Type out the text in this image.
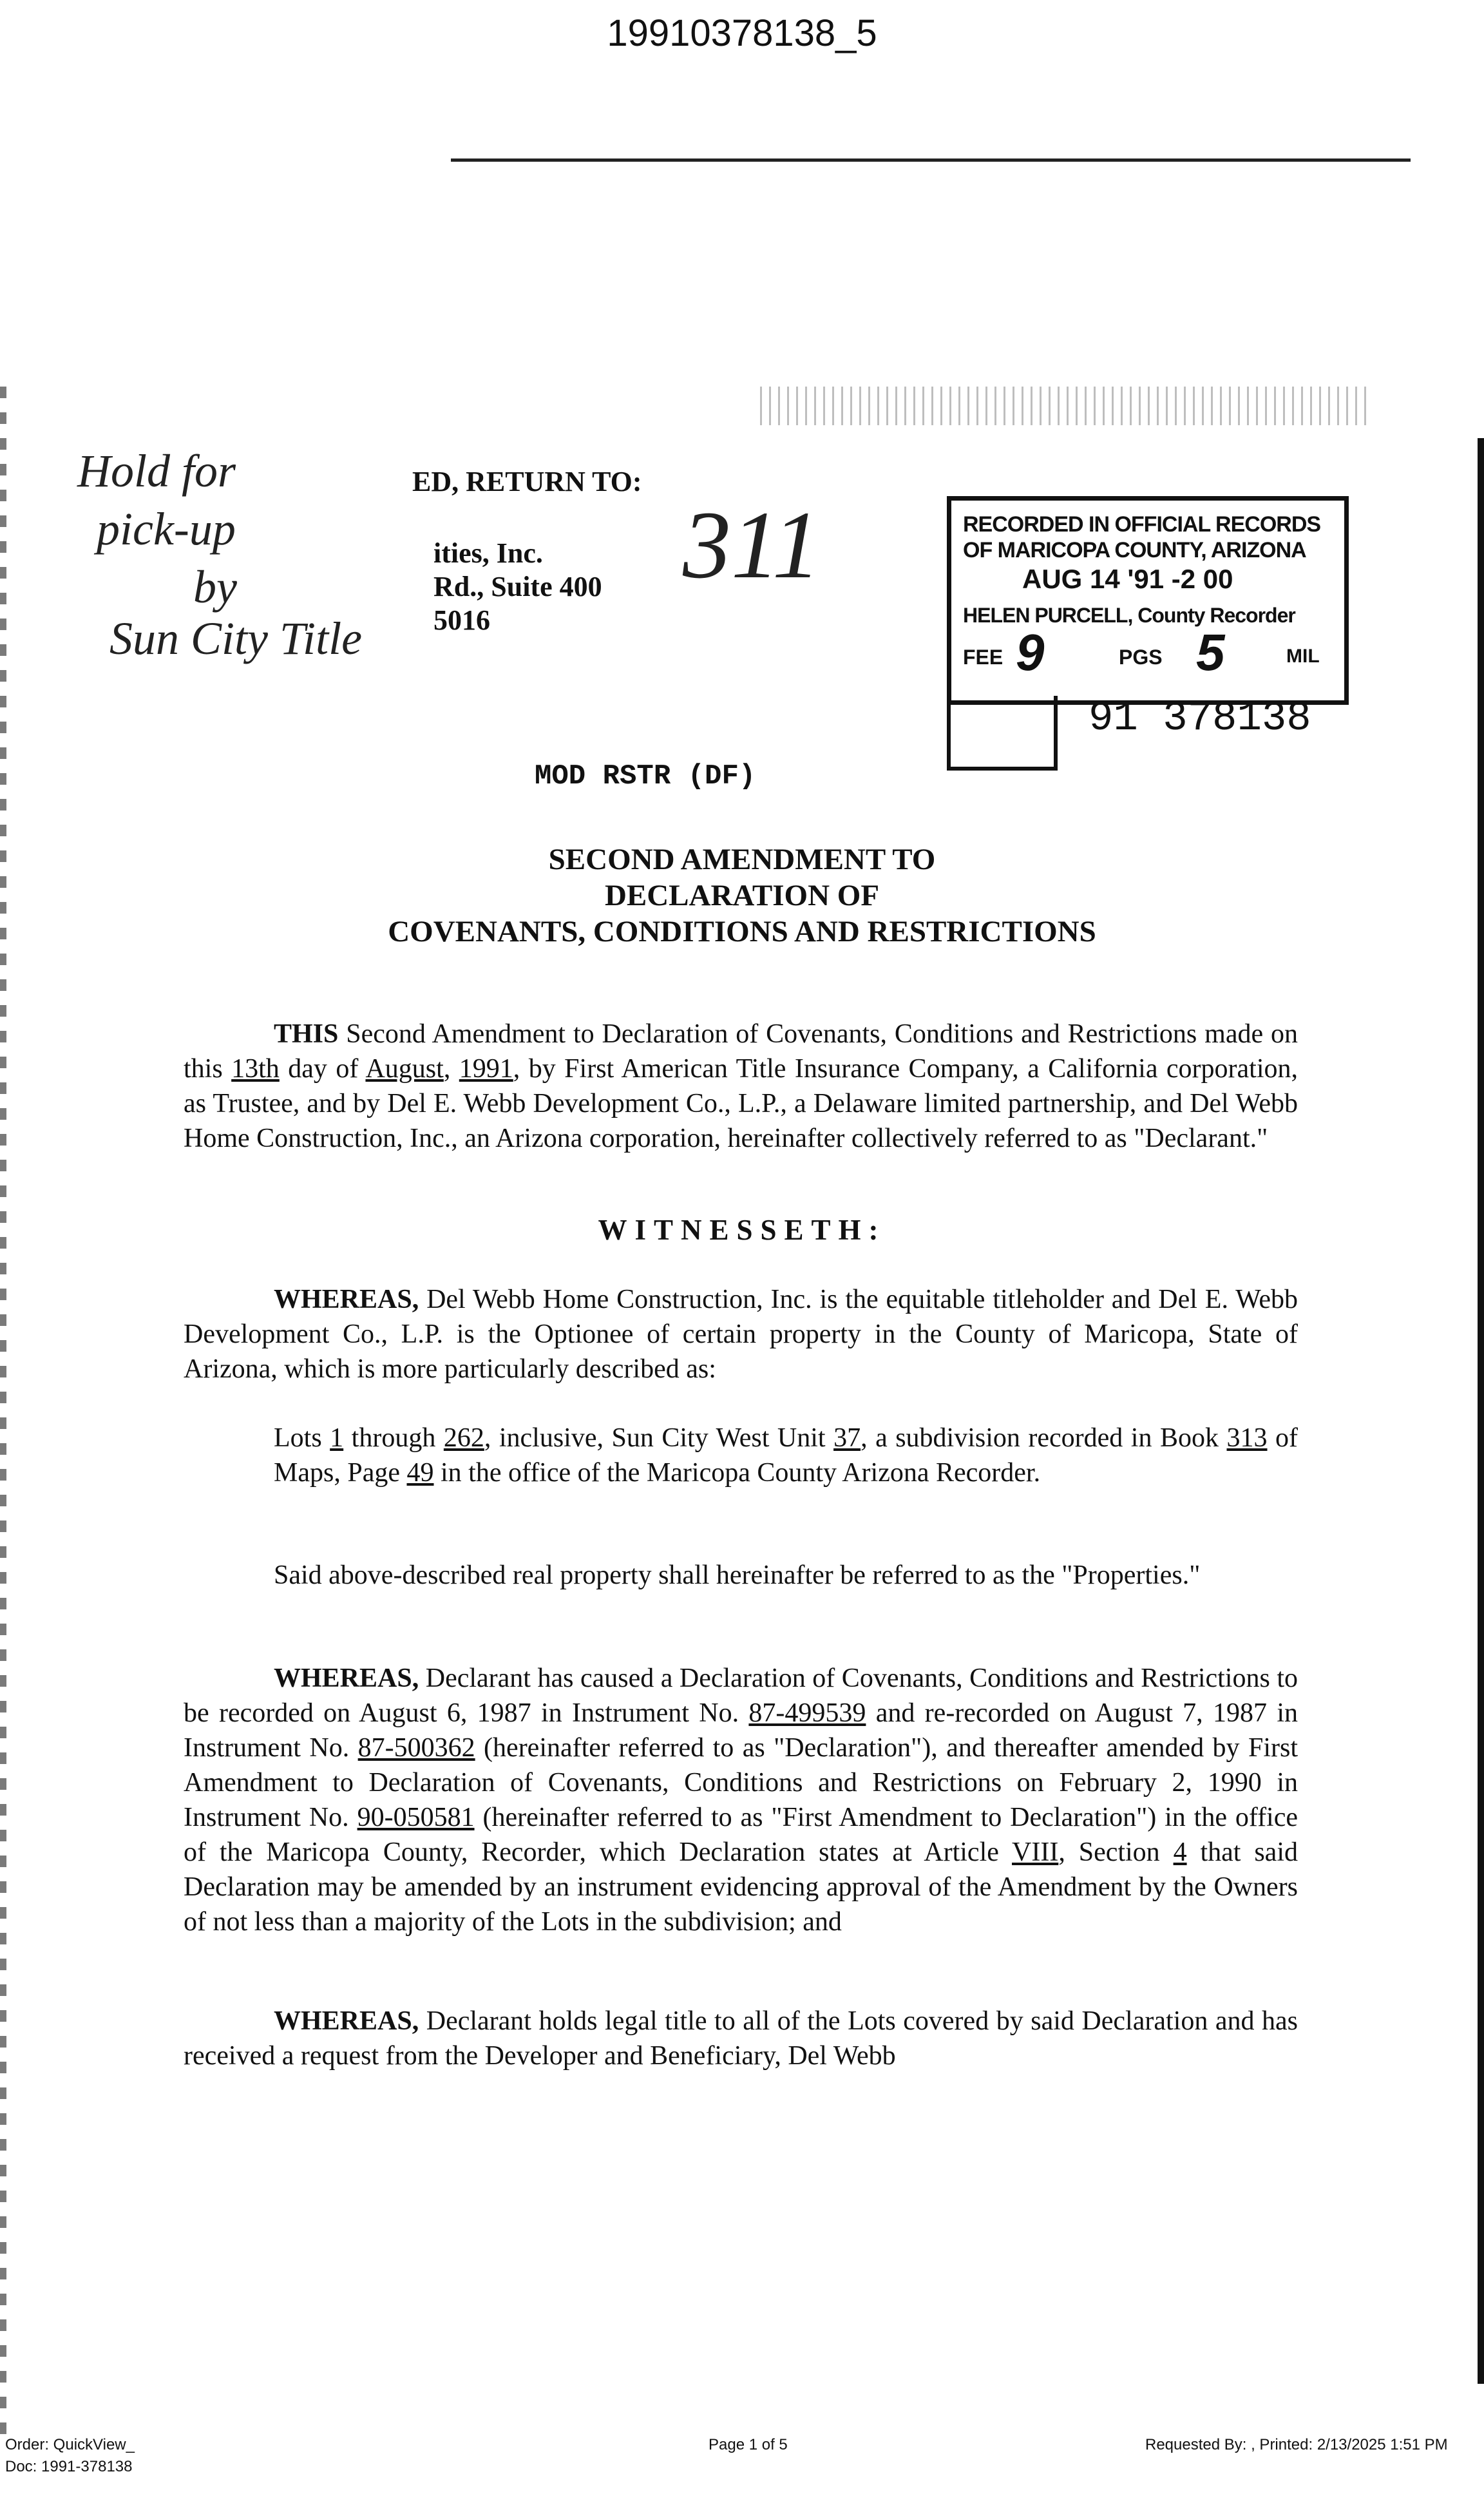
19910378138_5
Hold for
pick-up
by
Sun City Title
311
ED, RETURN TO:
ities, Inc.
Rd., Suite 400
5016
RECORDED IN OFFICIAL RECORDS
OF MARICOPA COUNTY, ARIZONA
AUG 14 '91 -2 00
HELEN PURCELL, County Recorder
FEE 9	PGS 5	MIL
91 378138
MOD RSTR (DF)
SECOND AMENDMENT TO
DECLARATION OF
COVENANTS, CONDITIONS AND RESTRICTIONS
THIS Second Amendment to Declaration of Covenants, Conditions and Restrictions made on this 13th day of August, 1991, by First American Title Insurance Company, a California corporation, as Trustee, and by Del E. Webb Development Co., L.P., a Delaware limited partnership, and Del Webb Home Construction, Inc., an Arizona corporation, hereinafter collectively referred to as "Declarant."
WITNESSETH:
WHEREAS, Del Webb Home Construction, Inc. is the equitable titleholder and Del E. Webb Development Co., L.P. is the Optionee of certain property in the County of Maricopa, State of Arizona, which is more particularly described as:
Lots 1 through 262, inclusive, Sun City West Unit 37, a subdivision recorded in Book 313 of Maps, Page 49 in the office of the Maricopa County Arizona Recorder.
Said above-described real property shall hereinafter be referred to as the "Properties."
WHEREAS, Declarant has caused a Declaration of Covenants, Conditions and Restrictions to be recorded on August 6, 1987 in Instrument No. 87-499539 and re-recorded on August 7, 1987 in Instrument No. 87-500362 (hereinafter referred to as "Declaration"), and thereafter amended by First Amendment to Declaration of Covenants, Conditions and Restrictions on February 2, 1990 in Instrument No. 90-050581 (hereinafter referred to as "First Amendment to Declaration") in the office of the Maricopa County, Recorder, which Declaration states at Article VIII, Section 4 that said Declaration may be amended by an instrument evidencing approval of the Amendment by the Owners of not less than a majority of the Lots in the subdivision; and
WHEREAS, Declarant holds legal title to all of the Lots covered by said Declaration and has received a request from the Developer and Beneficiary, Del Webb
Order: QuickView_
Doc: 1991-378138
Page 1 of 5	Requested By: , Printed: 2/13/2025 1:51 PM
